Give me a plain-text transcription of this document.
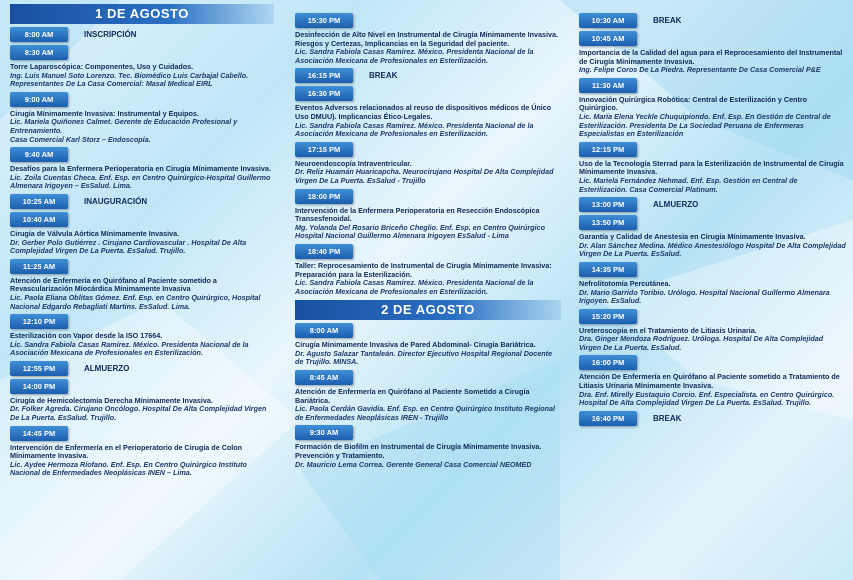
1 DE AGOSTO
8:00 AM	INSCRIPCIÓN
8:30 AM
Torre Laparoscópica: Componentes, Uso y Cuidados.
Ing. Luis Manuel Soto Lorenzo. Tec. Biomédico Luis Carbajal Cabello. Representantes De La Casa Comercial: Masal Medical EIRL
9:00 AM
Cirugía Mínimamente Invasiva: Instrumental y Equipos.
Lic. Mariela Quiñones Calmet. Gerente de Educación Profesional y Entrenamiento.
Casa Comercial Karl Storz – Endoscopía.
9:40 AM
Desafíos para la Enfermera Perioperatoria en Cirugía Mínimamente Invasiva.
Lic. Zoila Cuentas Checa. Enf. Esp. en Centro Quirúrgico-Hospital Guillermo Almenara Irigoyen – EsSalud. Lima.
10:25 AM	INAUGURACIÓN
10:40 AM
Cirugía de Válvula Aórtica Mínimamente Invasiva.
Dr. Gerber Polo Gutiérrez . Cirujano Cardiovascular . Hospital De Alta Complejidad Virgen De La Puerta. EsSalud. Trujillo.
11:25 AM
Atención de Enfermería en Quirófano al Paciente sometido a Revascularización Miocárdica Mínimamente Invasiva
Lic. Paola Eliana Oblitas Gómez. Enf. Esp. en Centro Quirúrgico, Hospital Nacional Edgardo Rebagliati Martins. EsSalud. Lima.
12:10 PM
Esterilización con Vapor desde la ISO 17664.
Lic. Sandra Fabiola Casas Ramírez. México. Presidenta Nacional de la Asociación Mexicana de Profesionales en Esterilización.
12:55 PM	ALMUERZO
14:00 PM
Cirugía de Hemicolectomía Derecha Mínimamente Invasiva.
Dr. Folker Agreda. Cirujano Oncólogo. Hospital De Alta Complejidad Virgen De La Puerta. EsSalud. Trujillo.
14:45 PM
Intervención de Enfermería en el Perioperatorio de Cirugía de Colon Mínimamente Invasiva.
Lic. Aydee Hermoza Riofano. Enf. Esp. En Centro Quirúrgico Instituto Nacional de Enfermedades Neoplásicas INEN – Lima.
15:30 PM
Desinfección de Alto Nivel en Instrumental de Cirugía Mínimamente Invasiva. Riesgos y Certezas, Implicancias en la Seguridad del paciente.
Lic. Sandra Fabiola Casas Ramírez. México. Presidenta Nacional de la Asociación Mexicana de Profesionales en Esterilización.
16:15 PM	BREAK
16:30 PM
Eventos Adversos relacionados al reuso de dispositivos médicos de Único Uso DMUU). Implicancias Ético-Legales.
Lic. Sandra Fabiola Casas Ramírez. México. Presidenta Nacional de la Asociación Mexicana de Profesionales en Esterilización.
17:15 PM
Neuroendoscopía Intraventricular.
Dr. Reliz Huamán Huaricapcha. Neurocirujano Hospital De Alta Complejidad Virgen De La Puerta. EsSalud - Trujillo
18:00 PM
Intervención de la Enfermera Perioperatoria en Resección Endoscópica Transesfenoidal.
Mg. Yolanda Del Rosario Briceño Cheglio. Enf. Esp. en Centro Quirúrgico Hospital Nacional Guillermo Almenara Irigoyen EsSalud - Lima
18:40 PM
Taller: Reprocesamiento de Instrumental de Cirugía Mínimamente Invasiva: Preparación para la Esterilización.
Lic. Sandra Fabiola Casas Ramírez. México. Presidenta Nacional de la Asociación Mexicana de Profesionales en Esterilización.
2 DE AGOSTO
8:00 AM
Cirugía Mínimamente Invasiva de Pared Abdominal- Cirugía Bariátrica.
Dr. Agusto Salazar Tantaleán. Director Ejecutivo Hospital Regional Docente de Trujillo. MINSA.
8:45 AM
Atención de Enfermería en Quirófano al Paciente Sometido a Cirugía Bariátrica.
Lic. Paola Cerdán Gavidia. Enf. Esp. en Centro Quirúrgico Instituto Regional de Enfermedades Neoplásicas IREN - Trujillo
9:30 AM
Formación de Biofilm en Instrumental de Cirugía Mínimamente Invasiva. Prevención y Tratamiento.
Dr. Mauricio Lema Correa. Gerente General Casa Comercial NEOMED
10:30 AM	BREAK
10:45 AM
Importancia de la Calidad del agua para el Reprocesamiento del Instrumental de Cirugía Mínimamente Invasiva.
Ing. Felipe Coros De La Piedra. Representante De Casa Comercial P&E
11:30 AM
Innovación Quirúrgica Robótica: Central de Esterilización y Centro Quirúrgico.
Lic. María Elena Yeckle Chuquipiondo. Enf. Esp. En Gestión de Central de Esterilización. Presidenta De La Sociedad Peruana de Enfermeras Especialistas en Esterilización
12:15 PM
Uso de la Tecnología Sterrad para la Esterilización de Instrumental de Cirugía Mínimamente Invasiva.
Lic. Mariela Fernández Nehmad. Enf. Esp. Gestión en Central de Esterilización. Casa Comercial Platinum.
13:00 PM	ALMUERZO
13:50 PM
Garantía y Calidad de Anestesia en Cirugía Mínimamente Invasiva.
Dr. Alan Sánchez Medina. Médico Anestesiólogo Hospital De Alta Complejidad Virgen De La Puerta. EsSalud.
14:35 PM
Nefrolitotomía Percutánea.
Dr. Mario Garrido Toribio. Urólogo. Hospital Nacional Guillermo Almenara Irigoyen. EsSalud.
15:20 PM
Ureteroscopía en el Tratamiento de Litiasis Urinaria.
Dra. Ginger Mendoza Rodríguez. Uróloga. Hospital De Alta Complejidad Virgen De La Puerta. EsSalud.
16:00 PM
Atención De Enfermería en Quirófano al Paciente sometido a Tratamiento de Litiasis Urinaria Mínimamente Invasiva.
Dra. Enf. Mirelly Eustaquio Corcio. Enf. Especialista. en Centro Quirúrgico. Hospital De Alta Complejidad Virgen De La Puerta. EsSalud. Trujillo.
16:40 PM	BREAK
